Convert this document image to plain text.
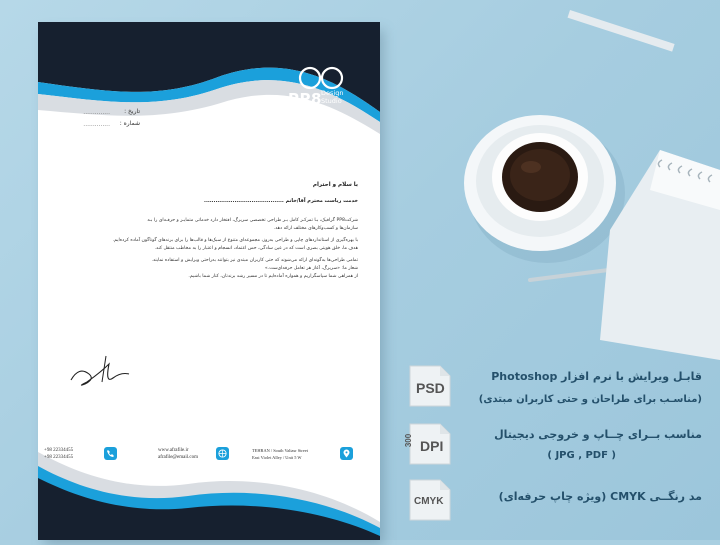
PP8 Design
Studio
تاریخ :
شماره :
..............
..............
با سلام و احترام
خدمت ریاست محترم آقا/خانم ..........................................
شرکتPP8 گرافیک، بـا تمرکـز کامل بـر طراحی تخصصی سربرگ، افتخار دارد خدماتی متمایـز و حرفـه‌ای را بـه
سازمان‌ها و کسب‌وکارهای مختلف ارائه دهد.
با بهره‌گیری از استانداردهای چاپی و طراحی به‌روز، مجموعه‌ای متنوع از سبک‌ها و قالب‌ها را برای برندهای گوناگون آماده کرده‌ایم.
هدف ما، خلق هویتی بصری است که در عین سادگی، حس اعتماد، انسجام و اعتبار را به مخاطب منتقل کند.
تمامی طراحی‌ها به‌گونه‌ای ارائه می‌شوند که حتی کاربران مبتدی نیز بتوانند به‌راحتی ویرایش و استفاده نمایند.
شعار ما: «سربرگ، آغاز هر تعامل حرفه‌ای‌ست.»
از همراهی شما سپاسگزاریم و همواره آماده‌ایم تا در مسیر رشد برندتان، کنار شما باشیم.
+98 22334455
+98 22334455
www.afrafile.ir
afrafile@email.com
TEHRAN / South Valiasr Street
East Violet Alley / Unit 5 W
قابـل ویرایش با نرم افزار Photoshop
(مناسـب برای طراحان و حتی کاربران مبتدی)
مناسب بــرای چــاپ و خروجی دیجیتال
( JPG , PDF )
مد رنگــی CMYK (ویژه چاپ حرفه‌ای)
PSD
300 DPI
CMYK
